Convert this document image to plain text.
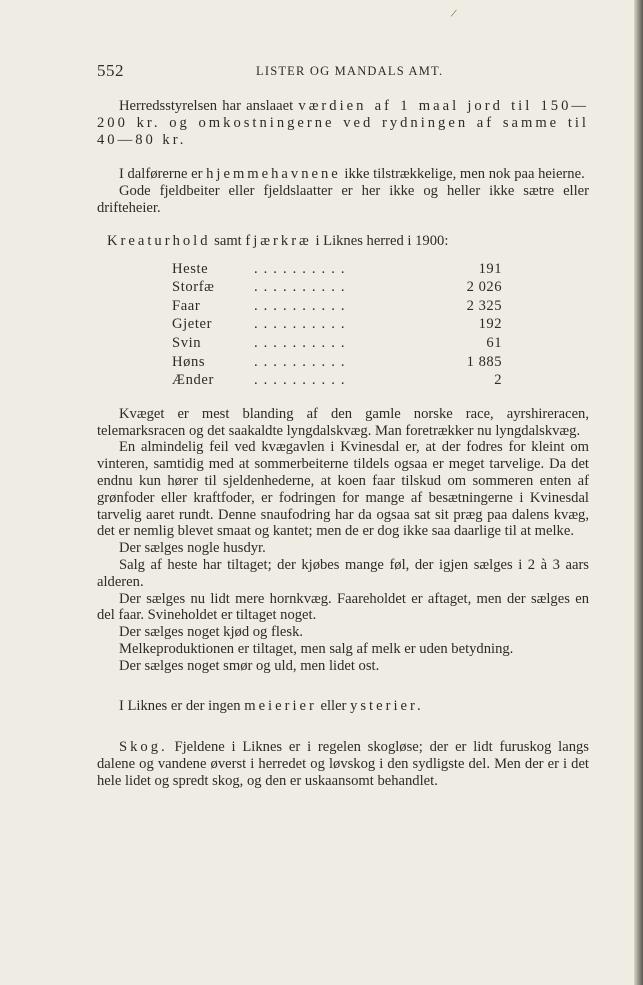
/
552	LISTER OG MANDALS AMT.

Herredsstyrelsen har anslaaet værdien af 1 maal jord til 150—200 kr. og omkostningerne ved rydningen af samme til 40—80 kr.

I dalførerne er hjemmehavnene ikke tilstrækkelige, men nok paa heierne.

Gode fjeldbeiter eller fjeldslaatter er her ikke og heller ikke sætre eller drifteheier.

Kreaturhold samt fjærkræ i Liknes herred i 1900:

Heste	..........	191
Storfæ	..........	2 026
Faar	..........	2 325
Gjeter	..........	192
Svin	..........	61
Høns	..........	1 885
Ænder	..........	2

Kvæget er mest blanding af den gamle norske race, ayrshireracen, telemarksracen og det saakaldte lyngdalskvæg. Man foretrækker nu lyngdalskvæg.

En almindelig feil ved kvægavlen i Kvinesdal er, at der fodres for kleint om vinteren, samtidig med at sommerbeiterne tildels ogsaa er meget tarvelige. Da det endnu kun hører til sjeldenhederne, at koen faar tilskud om sommeren enten af grønfoder eller kraftfoder, er fodringen for mange af besætningerne i Kvinesdal tarvelig aaret rundt. Denne snaufodring har da ogsaa sat sit præg paa dalens kvæg, det er nemlig blevet smaat og kantet; men de er dog ikke saa daarlige til at melke.

Der sælges nogle husdyr.

Salg af heste har tiltaget; der kjøbes mange føl, der igjen sælges i 2 à 3 aars alderen.

Der sælges nu lidt mere hornkvæg. Faareholdet er aftaget, men der sælges en del faar. Svineholdet er tiltaget noget.

Der sælges noget kjød og flesk.

Melkeproduktionen er tiltaget, men salg af melk er uden betydning.

Der sælges noget smør og uld, men lidet ost.

I Liknes er der ingen meierier eller ysterier.

Skog. Fjeldene i Liknes er i regelen skogløse; der er lidt furuskog langs dalene og vandene øverst i herredet og løvskog i den sydligste del. Men der er i det hele lidet og spredt skog, og den er uskaansomt behandlet.
